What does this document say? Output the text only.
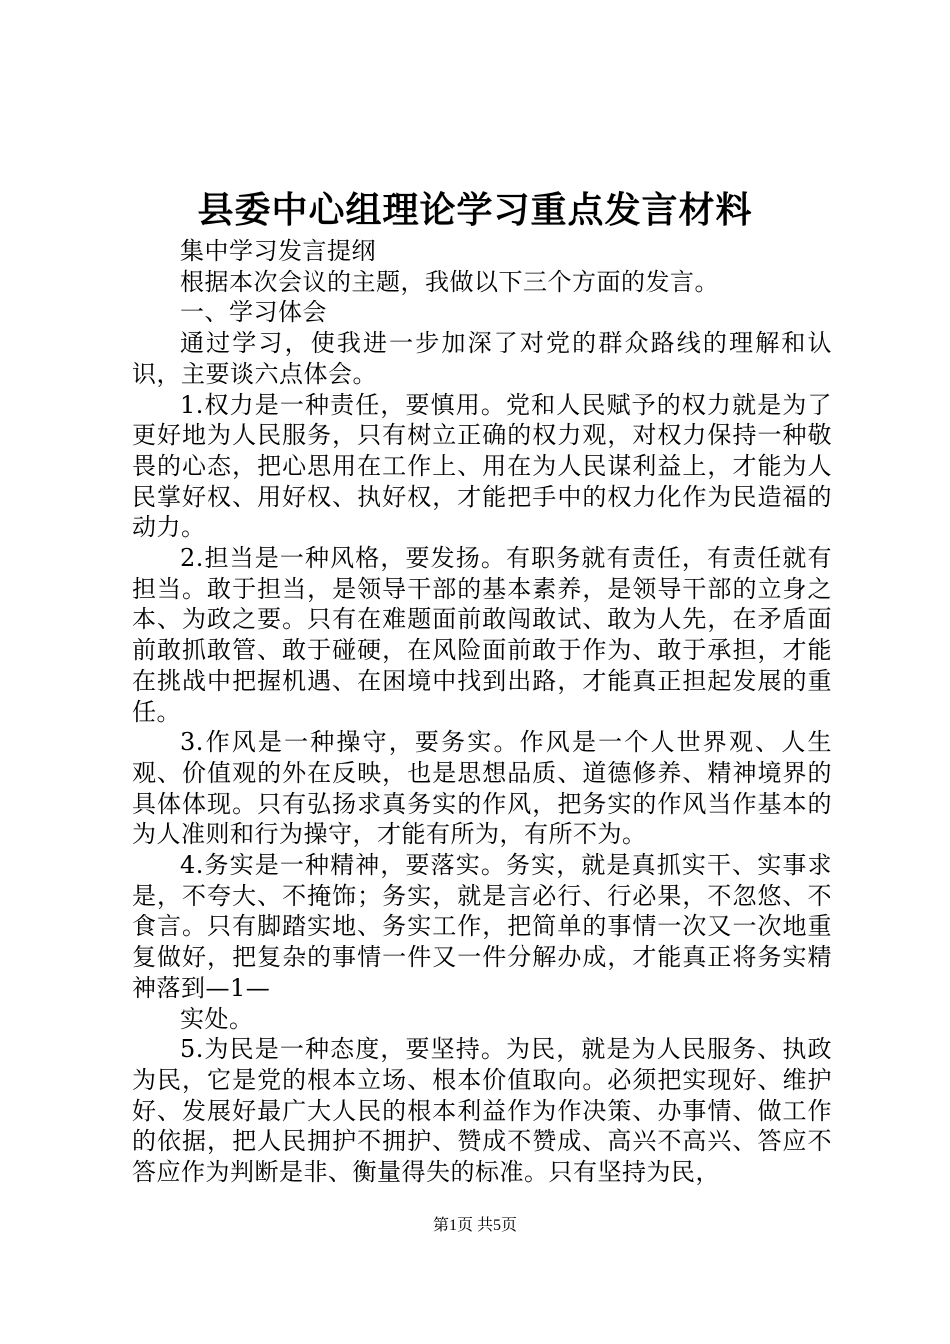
县委中心组理论学习重点发言材料

集中学习发言提纲

根据本次会议的主题，我做以下三个方面的发言。

一、学习体会

通过学习，使我进一步加深了对党的群众路线的理解和认识，主要谈六点体会。

1.权力是一种责任，要慎用。党和人民赋予的权力就是为了更好地为人民服务，只有树立正确的权力观，对权力保持一种敬畏的心态，把心思用在工作上、用在为人民谋利益上，才能为人民掌好权、用好权、执好权，才能把手中的权力化作为民造福的动力。

2.担当是一种风格，要发扬。有职务就有责任，有责任就有担当。敢于担当，是领导干部的基本素养，是领导干部的立身之本、为政之要。只有在难题面前敢闯敢试、敢为人先，在矛盾面前敢抓敢管、敢于碰硬，在风险面前敢于作为、敢于承担，才能在挑战中把握机遇、在困境中找到出路，才能真正担起发展的重任。

3.作风是一种操守，要务实。作风是一个人世界观、人生观、价值观的外在反映，也是思想品质、道德修养、精神境界的具体体现。只有弘扬求真务实的作风，把务实的作风当作基本的为人准则和行为操守，才能有所为，有所不为。

4.务实是一种精神，要落实。务实，就是真抓实干、实事求是，不夸大、不掩饰；务实，就是言必行、行必果，不忽悠、不食言。只有脚踏实地、务实工作，把简单的事情一次又一次地重复做好，把复杂的事情一件又一件分解办成，才能真正将务实精神落到—1—

实处。

5.为民是一种态度，要坚持。为民，就是为人民服务、执政为民，它是党的根本立场、根本价值取向。必须把实现好、维护好、发展好最广大人民的根本利益作为作决策、办事情、做工作的依据，把人民拥护不拥护、赞成不赞成、高兴不高兴、答应不答应作为判断是非、衡量得失的标准。只有坚持为民，

第1页 共5页
